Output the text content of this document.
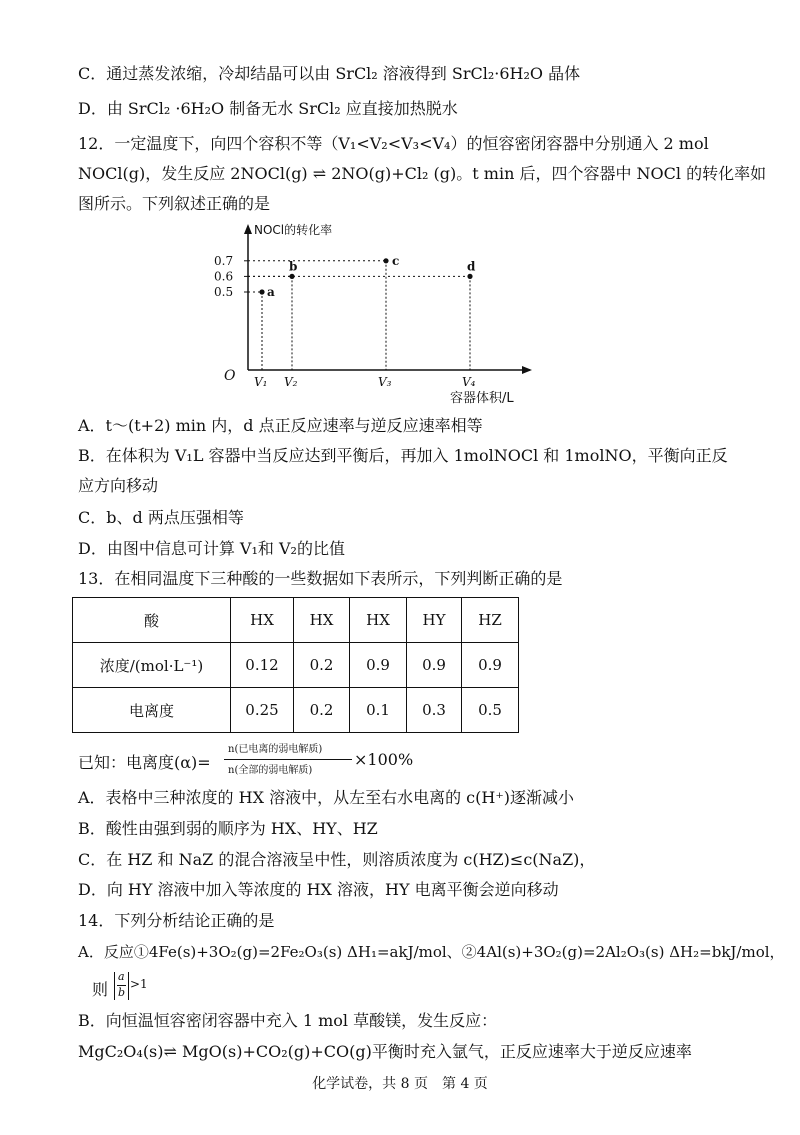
C．通过蒸发浓缩，冷却结晶可以由 SrCl₂ 溶液得到 SrCl₂·6H₂O 晶体
D．由 SrCl₂ ·6H₂O 制备无水 SrCl₂ 应直接加热脱水
12．一定温度下，向四个容积不等（V₁<V₂<V₃<V₄）的恒容密闭容器中分别通入 2 mol
NOCl(g)，发生反应 2NOCl(g) ⇌ 2NO(g)+Cl₂ (g)。t min 后，四个容器中 NOCl 的转化率如
图所示。下列叙述正确的是
NOCl的转化率
容器体积/L
O
0.5
0.6
0.7
V₁ V₂	V₃	V₄
a
b	c	d
A．t～(t+2) min 内，d 点正反应速率与逆反应速率相等
B．在体积为 V₁L 容器中当反应达到平衡后，再加入 1molNOCl 和 1molNO，平衡向正反
应方向移动
C．b、d 两点压强相等
D．由图中信息可计算 V₁和 V₂的比值
13．在相同温度下三种酸的一些数据如下表所示，下列判断正确的是
酸	HX	HX	HX	HY	HZ
浓度/(mol·L⁻¹)	0.12	0.2	0.9	0.9	0.9
电离度	0.25	0.2	0.1	0.3	0.5
已知：电离度(α)=
n(已电离的弱电解质)
n(全部的弱电解质)
×100%
A．表格中三种浓度的 HX 溶液中，从左至右水电离的 c(H⁺)逐渐减小
B．酸性由强到弱的顺序为 HX、HY、HZ
C．在 HZ 和 NaZ 的混合溶液呈中性，则溶质浓度为 c(HZ)≤c(NaZ)，
D．向 HY 溶液中加入等浓度的 HX 溶液，HY 电离平衡会逆向移动
14．下列分析结论正确的是
A．反应①4Fe(s)+3O₂(g)=2Fe₂O₃(s) ΔH₁=akJ/mol、②4Al(s)+3O₂(g)=2Al₂O₃(s) ΔH₂=bkJ/mol，
则
a
b
>1
B．向恒温恒容密闭容器中充入 1 mol 草酸镁，发生反应：
MgC₂O₄(s)⇌ MgO(s)+CO₂(g)+CO(g)平衡时充入氩气，正反应速率大于逆反应速率
化学试卷，共 8 页　第 4 页
